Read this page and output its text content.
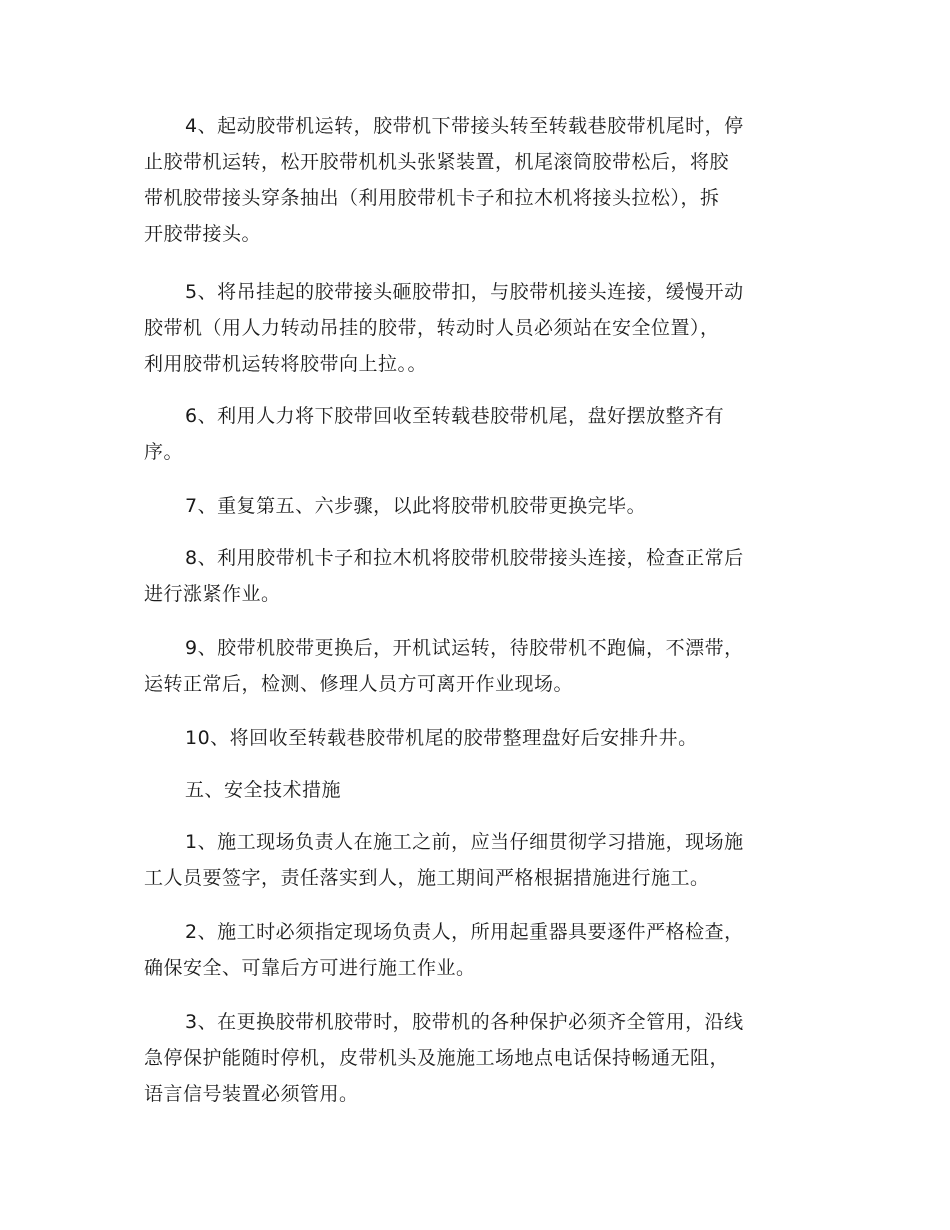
4、起动胶带机运转，胶带机下带接头转至转载巷胶带机尾时，停
止胶带机运转，松开胶带机机头张紧装置，机尾滚筒胶带松后，将胶
带机胶带接头穿条抽出（利用胶带机卡子和拉木机将接头拉松），拆
开胶带接头。
5、将吊挂起的胶带接头砸胶带扣，与胶带机接头连接，缓慢开动
胶带机（用人力转动吊挂的胶带，转动时人员必须站在安全位置），
利用胶带机运转将胶带向上拉。。
6、利用人力将下胶带回收至转载巷胶带机尾，盘好摆放整齐有
序。
7、重复第五、六步骤，以此将胶带机胶带更换完毕。
8、利用胶带机卡子和拉木机将胶带机胶带接头连接，检查正常后
进行涨紧作业。
9、胶带机胶带更换后，开机试运转，待胶带机不跑偏，不漂带，
运转正常后，检测、修理人员方可离开作业现场。
10、将回收至转载巷胶带机尾的胶带整理盘好后安排升井。
五、安全技术措施
1、施工现场负责人在施工之前，应当仔细贯彻学习措施，现场施
工人员要签字，责任落实到人，施工期间严格根据措施进行施工。
2、施工时必须指定现场负责人，所用起重器具要逐件严格检查，
确保安全、可靠后方可进行施工作业。
3、在更换胶带机胶带时，胶带机的各种保护必须齐全管用，沿线
急停保护能随时停机，皮带机头及施施工场地点电话保持畅通无阻，
语言信号装置必须管用。
